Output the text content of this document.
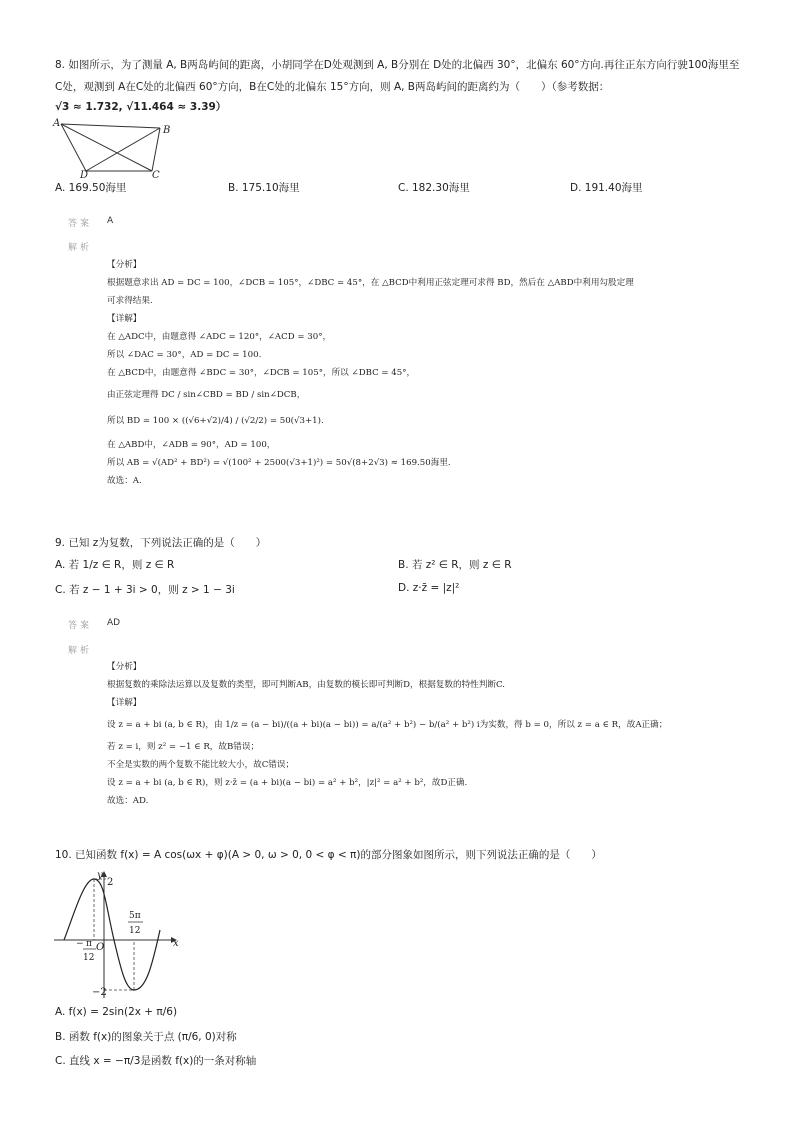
8. 如图所示，为了测量 A, B两岛屿间的距离，小胡同学在D处观测到 A, B分别在 D处的北偏西 30°，北偏东 60°方向.再往正东方向行驶100海里至
C处，观测到 A在C处的北偏西 60°方向，B在C处的北偏东 15°方向，则 A, B两岛屿间的距离约为（　　）（参考数据：
√3 ≈ 1.732, √11.464 ≈ 3.39）
A
B
D	C
A. 169.50海里	B. 175.10海里	C. 182.30海里	D. 191.40海里
答案 A
解析
【分析】
根据题意求出 AD = DC = 100，∠DCB = 105°，∠DBC = 45°，在 △BCD中利用正弦定理可求得 BD，然后在 △ABD中利用勾股定理
可求得结果.
【详解】
在 △ADC中，由题意得 ∠ADC = 120°，∠ACD = 30°，
所以 ∠DAC = 30°，AD = DC = 100.
在 △BCD中，由题意得 ∠BDC = 30°，∠DCB = 105°，所以 ∠DBC = 45°，
由正弦定理得 DC / sin∠CBD = BD / sin∠DCB，
所以 BD = 100 × ((√6+√2)/4) / (√2/2) = 50(√3+1).
在 △ABD中，∠ADB = 90°，AD = 100，
所以 AB = √(AD² + BD²) = √(100² + 2500(√3+1)²) = 50√(8+2√3) ≈ 169.50海里.
故选：A.
9. 已知 z为复数，下列说法正确的是（　　）
A. 若 1/z ∈ R，则 z ∈ R	B. 若 z² ∈ R，则 z ∈ R
C. 若 z − 1 + 3i > 0，则 z > 1 − 3i	D. z·z̄ = |z|²
答案 AD
解析
【分析】
根据复数的乘除法运算以及复数的类型，即可判断AB，由复数的模长即可判断D，根据复数的特性判断C.
【详解】
设 z = a + bi (a, b ∈ R)，由 1/z = (a − bi)/((a + bi)(a − bi)) = a/(a² + b²) − b/(a² + b²) i为实数，得 b = 0，所以 z = a ∈ R，故A正确；
若 z = i，则 z² = −1 ∈ R，故B错误；
不全是实数的两个复数不能比较大小，故C错误；
设 z = a + bi (a, b ∈ R)，则 z·z̄ = (a + bi)(a − bi) = a² + b²，|z|² = a² + b²，故D正确.
故选：AD.
10. 已知函数 f(x) = A cos(ωx + φ)(A > 0, ω > 0, 0 < φ < π)的部分图象如图所示，则下列说法正确的是（　　）
y
x
O
2
−2
− π
12
5π
12
A. f(x) = 2sin(2x + π/6)
B. 函数 f(x)的图象关于点 (π/6, 0)对称
C. 直线 x = −π/3是函数 f(x)的一条对称轴
